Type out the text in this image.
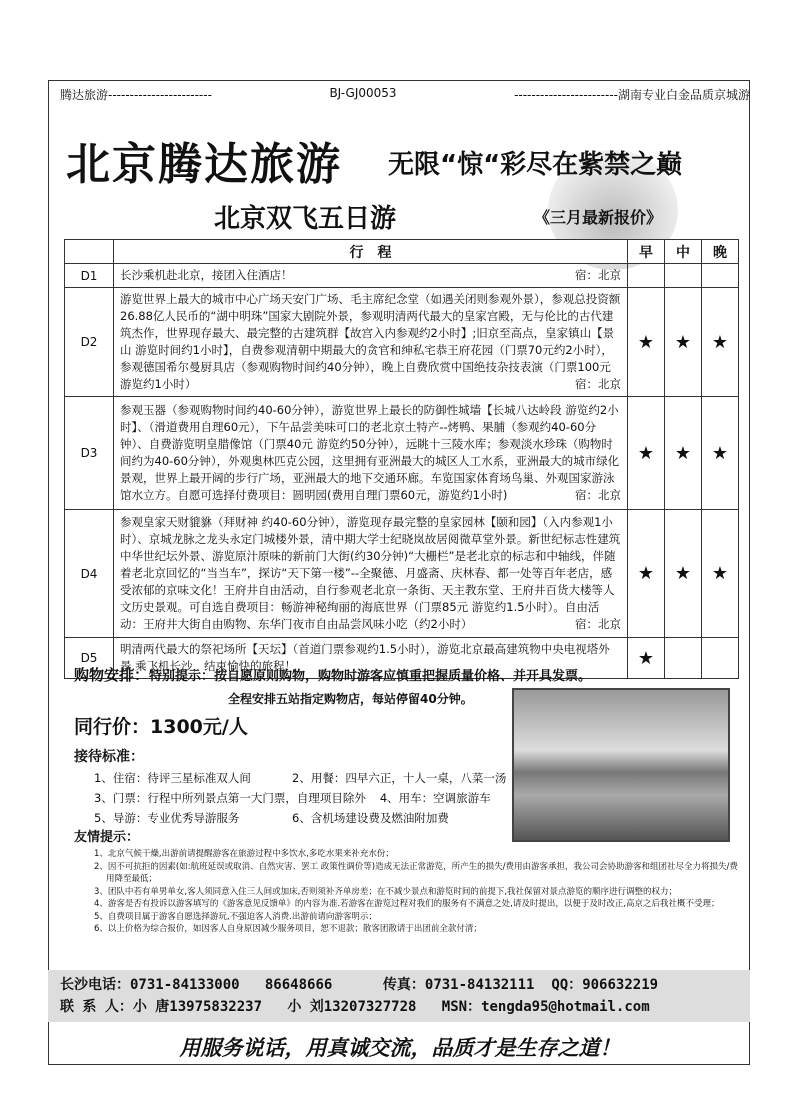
腾达旅游------------------------	BJ-GJ00053	------------------------湖南专业白金品质京城游
北京腾达旅游 无限“惊“彩尽在紫禁之巅
北京双飞五日游	《三月最新报价》
	行　程	早	中	晚
D1	长沙乘机赴北京，接团入住酒店！ 宿：北京			

D2	游览世界上最大的城市中心广场天安门广场、毛主席纪念堂（如遇关闭则参观外景），参观总投资额26.88亿人民币的“湖中明珠”国家大剧院外景，参观明清两代最大的皇家宫殿，无与伦比的古代建筑杰作，世界现存最大、最完整的古建筑群【故宫入内参观约2小时】;旧京至高点，皇家镇山【景山 游览时间约1小时】，自费参观清朝中期最大的贪官和绅私宅恭王府花园（门票70元约2小时），参观德国希尔曼厨具店（参观购物时间约40分钟），晚上自费欣赏中国绝技杂技表演（门票100元 游览约1小时） 宿：北京	★	★	★
D3	参观玉器（参观购物时间约40-60分钟），游览世界上最长的防御性城墙【长城八达岭段 游览约2小时】、（滑道费用自理60元），下午品尝美味可口的老北京土特产--烤鸭、果脯（参观约40-60分钟）、自费游览明皇腊像馆（门票40元 游览约50分钟），远眺十三陵水库；参观淡水珍珠（购物时间约为40-60分钟），外观奥林匹克公园，这里拥有亚洲最大的城区人工水系，亚洲最大的城市绿化景观，世界上最开阔的步行广场，亚洲最大的地下交通环廊。车览国家体育场鸟巢、外观国家游泳馆水立方。自愿可选择付费项目：圆明园(费用自理门票60元，游览约1小时) 宿：北京	★	★	★
D4	参观皇家天财貔貅（拜财神 约40-60分钟），游览现存最完整的皇家园林【颐和园】（入内参观1小时）、京城龙脉之龙头永定门城楼外景，清中期大学士纪晓岚故居阅微草堂外景。新世纪标志性建筑中华世纪坛外景、游览原汁原味的新前门大街(约30分钟)“大栅栏”是老北京的标志和中轴线，伴随着老北京回忆的“当当车”，探访“天下第一楼”--全聚德、月盛斋、庆林春、都一处等百年老店，感受浓郁的京味文化！王府井自由活动，自行参观老北京一条街、天主教东堂、王府井百货大楼等人文历史景观。可自选自费项目：畅游神秘绚丽的海底世界（门票85元 游览约1.5小时）。自由活动：王府井大街自由购物、东华门夜市自由品尝风味小吃（约2小时） 宿：北京	★	★	★
D5	明清两代最大的祭祀场所【天坛】（首道门票参观约1.5小时），游览北京最高建筑物中央电视塔外景.乘飞机长沙，结束愉快的旅程！	★		
购物安排：特别提示：按自愿原则购物，购物时游客应慎重把握质量价格、并开具发票。
全程安排五站指定购物店，每站停留40分钟。
同行价：1300元/人
接待标准：
1、住宿：待评三星标准双人间	2、用餐：四早六正，十人一桌，八菜一汤
3、门票：行程中所列景点第一大门票，自理项目除外 4、用车：空调旅游车
5、导游：专业优秀导游服务	6、含机场建设费及燃油附加费
友情提示：
1、北京气候干燥,出游前请提醒游客在旅游过程中多饮水,多吃水果来补充水份；
2、因不可抗拒的因素(如:航班延误或取消、自然灾害、罢工 政策性调价等)造成无法正常游览，所产生的损失/费用由游客承担，我公司会协助游客和组团社尽全力将损失/费用降至最低；
3、团队中若有单男单女,客人须同意入住三人间或加床,否则须补齐单房差；在不减少景点和游览时间的前提下,我社保留对景点游览的顺序进行调整的权力；
4、游客是否有投诉以游客填写的《游客意见反馈单》的内容为准.若游客在游览过程对我们的服务有不满意之处,请及时提出，以便于及时改正,高京之后我社概不受理；
5、自费项目属于游客自愿选择游玩,不强迫客人消费.出游前请向游客明示；
6、以上价格为综合报价，如因客人自身原因减少服务项目，恕不退款；散客团散请于出团前全款付清；
长沙电话：0731-84133000 86648666	传真：0731-84132111 QQ：906632219
联 系 人：小 唐13975832237 小 刘13207327728 MSN：tengda95@hotmail.com
用服务说话，用真诚交流，品质才是生存之道！
